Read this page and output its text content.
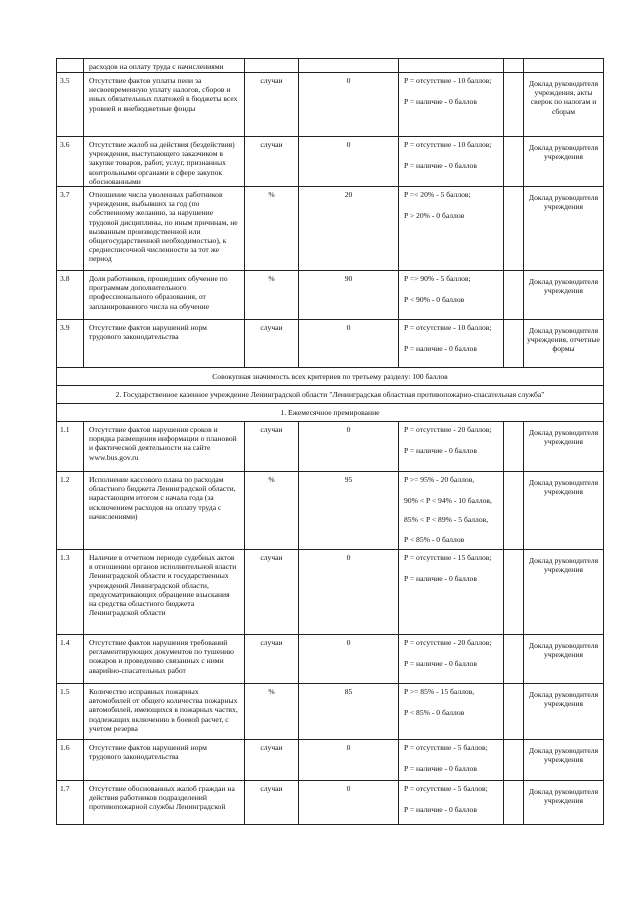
	расходов на оплату труда с начислениями					
3.5	Отсутствие фактов уплаты пени за несвоевременную уплату налогов, сборов и иных обязательных платежей в бюджеты всех уровней и внебюджетные фонды	случаи	0	P = отсутствие - 10 баллов;
P = наличие - 0 баллов		Доклад руководителя учреждения, акты сверок по налогам и сборам
3.6	Отсутствие жалоб на действия (бездействия) учреждения, выступающего заказчиком в закупке товаров, работ, услуг, признанных контрольными органами в сфере закупок обоснованными	случаи	0	P = отсутствие - 10 баллов;
P = наличие - 0 баллов		Доклад руководителя учреждения
3.7	Отношение числа уволенных работников учреждения, выбывших за год (по собственному желанию, за нарушение трудовой дисциплины, по иным причинам, не вызванным производственной или общегосударственной необходимостью), к среднесписочной численности за тот же период	%	20	P =< 20% - 5 баллов;
P > 20% - 0 баллов		Доклад руководителя учреждения
3.8	Доля работников, прошедших обучение по программам дополнительного профессионального образования, от запланированного числа на обучение	%	90	P => 90% - 5 баллов;
P < 90% - 0 баллов		Доклад руководителя учреждения
3.9	Отсутствие фактов нарушений норм трудового законодательства	случаи	0	P = отсутствие - 10 баллов;
P = наличие - 0 баллов		Доклад руководителя учреждения, отчетные формы
Совокупная значимость всех критериев по третьему разделу: 100 баллов						
2. Государственное казенное учреждение Ленинградской области "Ленинградская областная противопожарно-спасательная служба"						
1. Ежемесячное премирование						
1.1	Отсутствие фактов нарушения сроков и порядка размещения информации о плановой и фактической деятельности на сайте www.bus.gov.ru	случаи	0	P = отсутствие - 20 баллов;
P = наличие - 0 баллов		Доклад руководителя учреждения
1.2	Исполнение кассового плана по расходам областного бюджета Ленинградской области, нарастающим итогом с начала года (за исключением расходов на оплату труда с начислениями)	%	95	P >= 95% - 20 баллов,
90% < P < 94% - 10 баллов,
85% < P < 89% - 5 баллов,
P < 85% - 0 баллов		Доклад руководителя учреждения
1.3	Наличие в отчетном периоде судебных актов в отношении органов исполнительной власти Ленинградской области и государственных учреждений Ленинградской области, предусматривающих обращение взыскания на средства областного бюджета Ленинградской области	случаи	0	P = отсутствие - 15 баллов;
P = наличие - 0 баллов		Доклад руководителя учреждения
1.4	Отсутствие фактов нарушения требований регламентирующих документов по тушению пожаров и проведению связанных с ними аварийно-спасательных работ	случаи	0	P = отсутствие - 20 баллов;
P = наличие - 0 баллов		Доклад руководителя учреждения
1.5	Количество исправных пожарных автомобилей от общего количества пожарных автомобилей, имеющихся в пожарных частях, подлежащих включению в боевой расчет, с учетом резерва	%	85	P >= 85% - 15 баллов,
P < 85% - 0 баллов		Доклад руководителя учреждения
1.6	Отсутствие фактов нарушений норм трудового законодательства	случаи	0	P = отсутствие - 5 баллов;
P = наличие - 0 баллов		Доклад руководителя учреждения
1.7	Отсутствие обоснованных жалоб граждан на действия работников подразделений противопожарной службы Ленинградской	случаи	0	P = отсутствие - 5 баллов;
P = наличие - 0 баллов		Доклад руководителя учреждения
